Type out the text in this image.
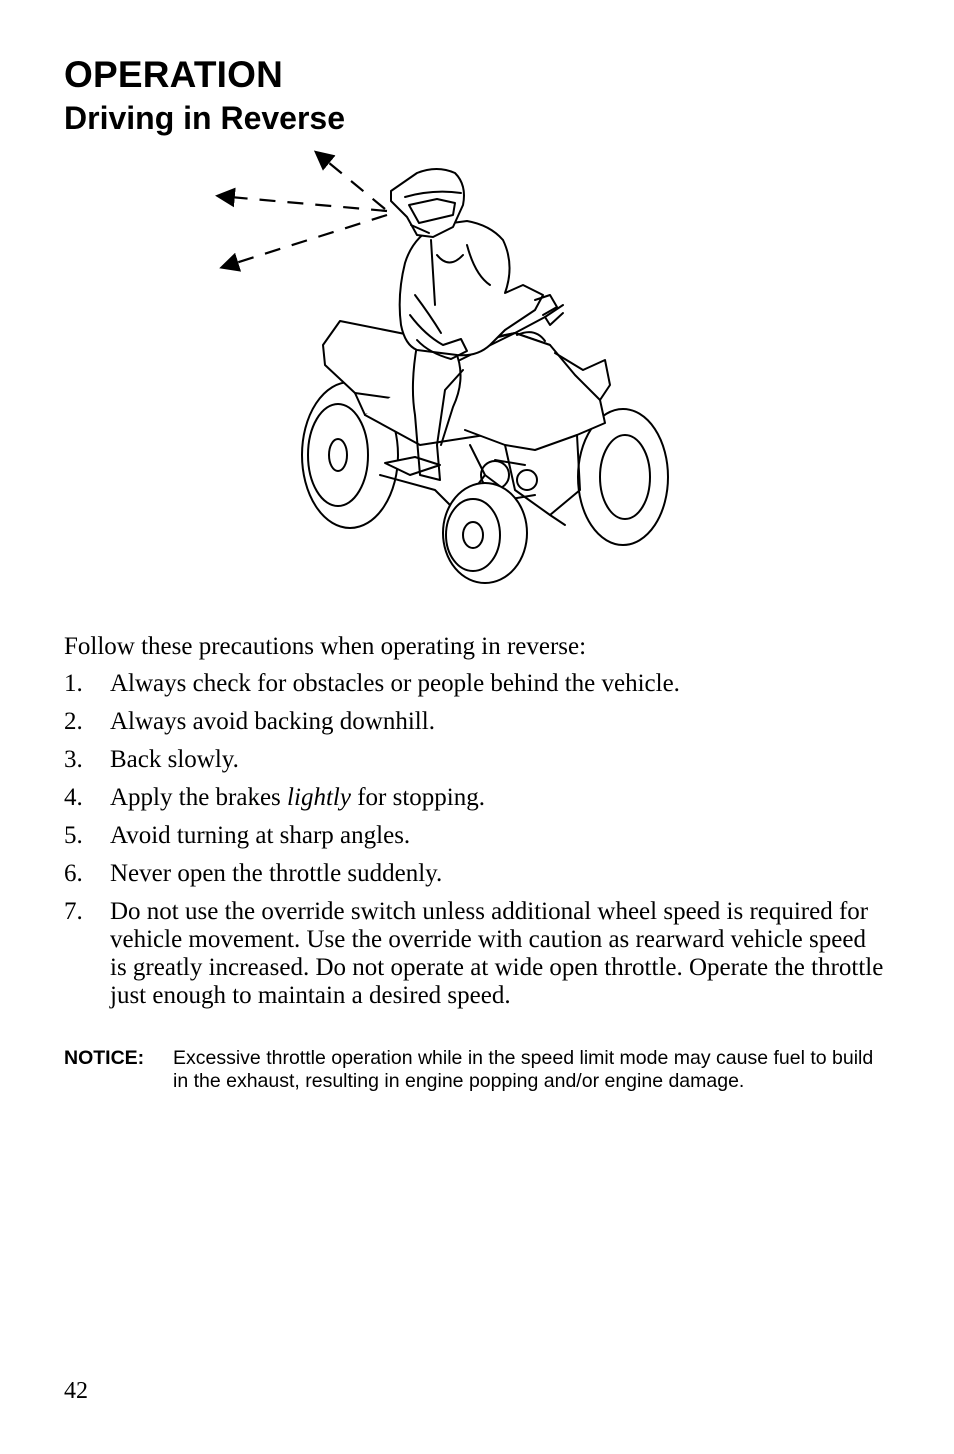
OPERATION
Driving in Reverse

Follow these precautions when operating in reverse:

1. Always check for obstacles or people behind the vehicle.
2. Always avoid backing downhill.
3. Back slowly.
4. Apply the brakes lightly for stopping.
5. Avoid turning at sharp angles.
6. Never open the throttle suddenly.
7. Do not use the override switch unless additional wheel speed is required for vehicle movement. Use the override with caution as rearward vehicle speed is greatly increased. Do not operate at wide open throttle. Operate the throttle just enough to maintain a desired speed.
NOTICE: Excessive throttle operation while in the speed limit mode may cause fuel to build in the exhaust, resulting in engine popping and/or engine damage.
42
